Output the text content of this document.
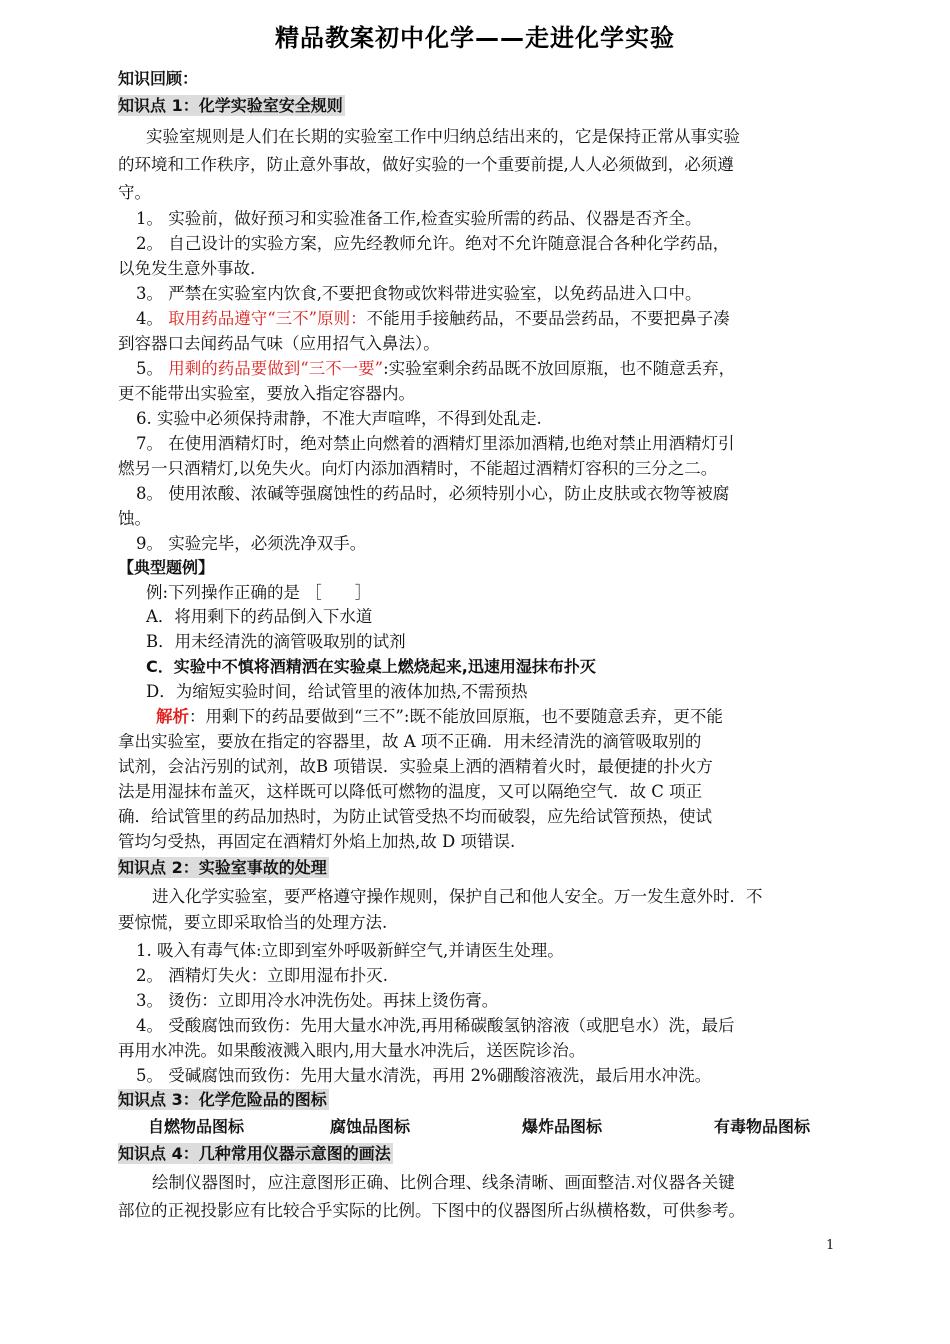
精品教案初中化学——走进化学实验
知识回顾：
知识点 1：化学实验室安全规则
实验室规则是人们在长期的实验室工作中归纳总结出来的，它是保持正常从事实验
的环境和工作秩序，防止意外事故，做好实验的一个重要前提,人人必须做到，必须遵
守。
1。 实验前，做好预习和实验准备工作,检查实验所需的药品、仪器是否齐全。
2。 自己设计的实验方案，应先经教师允许。绝对不允许随意混合各种化学药品，
以免发生意外事故.
3。 严禁在实验室内饮食,不要把食物或饮料带进实验室，以免药品进入口中。
4。 取用药品遵守“三不”原则：不能用手接触药品，不要品尝药品，不要把鼻子凑
到容器口去闻药品气味（应用招气入鼻法）。
5。 用剩的药品要做到“三不一要”:实验室剩余药品既不放回原瓶，也不随意丢弃，
更不能带出实验室，要放入指定容器内。
6. 实验中必须保持肃静，不准大声喧哗，不得到处乱走.
7。 在使用酒精灯时，绝对禁止向燃着的酒精灯里添加酒精,也绝对禁止用酒精灯引
燃另一只酒精灯,以免失火。向灯内添加酒精时，不能超过酒精灯容积的三分之二。
8。 使用浓酸、浓碱等强腐蚀性的药品时，必须特别小心，防止皮肤或衣物等被腐
蚀。
9。 实验完毕，必须洗净双手。
【典型题例】
例:下列操作正确的是 ［　　］
A．将用剩下的药品倒入下水道
B．用未经清洗的滴管吸取别的试剂
C．实验中不慎将酒精洒在实验桌上燃烧起来,迅速用湿抹布扑灭
D．为缩短实验时间，给试管里的液体加热,不需预热
解析：用剩下的药品要做到“三不”:既不能放回原瓶，也不要随意丢弃，更不能
拿出实验室，要放在指定的容器里，故 A 项不正确．用未经清洗的滴管吸取别的
试剂，会沾污别的试剂，故B 项错误．实验桌上洒的酒精着火时，最便捷的扑火方
法是用湿抹布盖灭，这样既可以降低可燃物的温度，又可以隔绝空气．故 C 项正
确．给试管里的药品加热时，为防止试管受热不均而破裂，应先给试管预热，使试
管均匀受热，再固定在酒精灯外焰上加热,故 D 项错误.
知识点 2：实验室事故的处理
进入化学实验室，要严格遵守操作规则，保护自己和他人安全。万一发生意外时．不
要惊慌，要立即采取恰当的处理方法.
1. 吸入有毒气体:立即到室外呼吸新鲜空气,并请医生处理。
2。 酒精灯失火：立即用湿布扑灭.
3。 烫伤：立即用冷水冲洗伤处。再抹上烫伤膏。
4。 受酸腐蚀而致伤：先用大量水冲洗,再用稀碳酸氢钠溶液（或肥皂水）洗，最后
再用水冲洗。如果酸液溅入眼内,用大量水冲洗后，送医院诊治。
5。 受碱腐蚀而致伤：先用大量水清洗，再用 2%硼酸溶液洗，最后用水冲洗。
知识点 3：化学危险品的图标
自燃物品图标	腐蚀品图标	爆炸品图标	有毒物品图标
知识点 4：几种常用仪器示意图的画法
绘制仪器图时，应注意图形正确、比例合理、线条清晰、画面整洁.对仪器各关键
部位的正视投影应有比较合乎实际的比例。下图中的仪器图所占纵横格数，可供参考。
1
